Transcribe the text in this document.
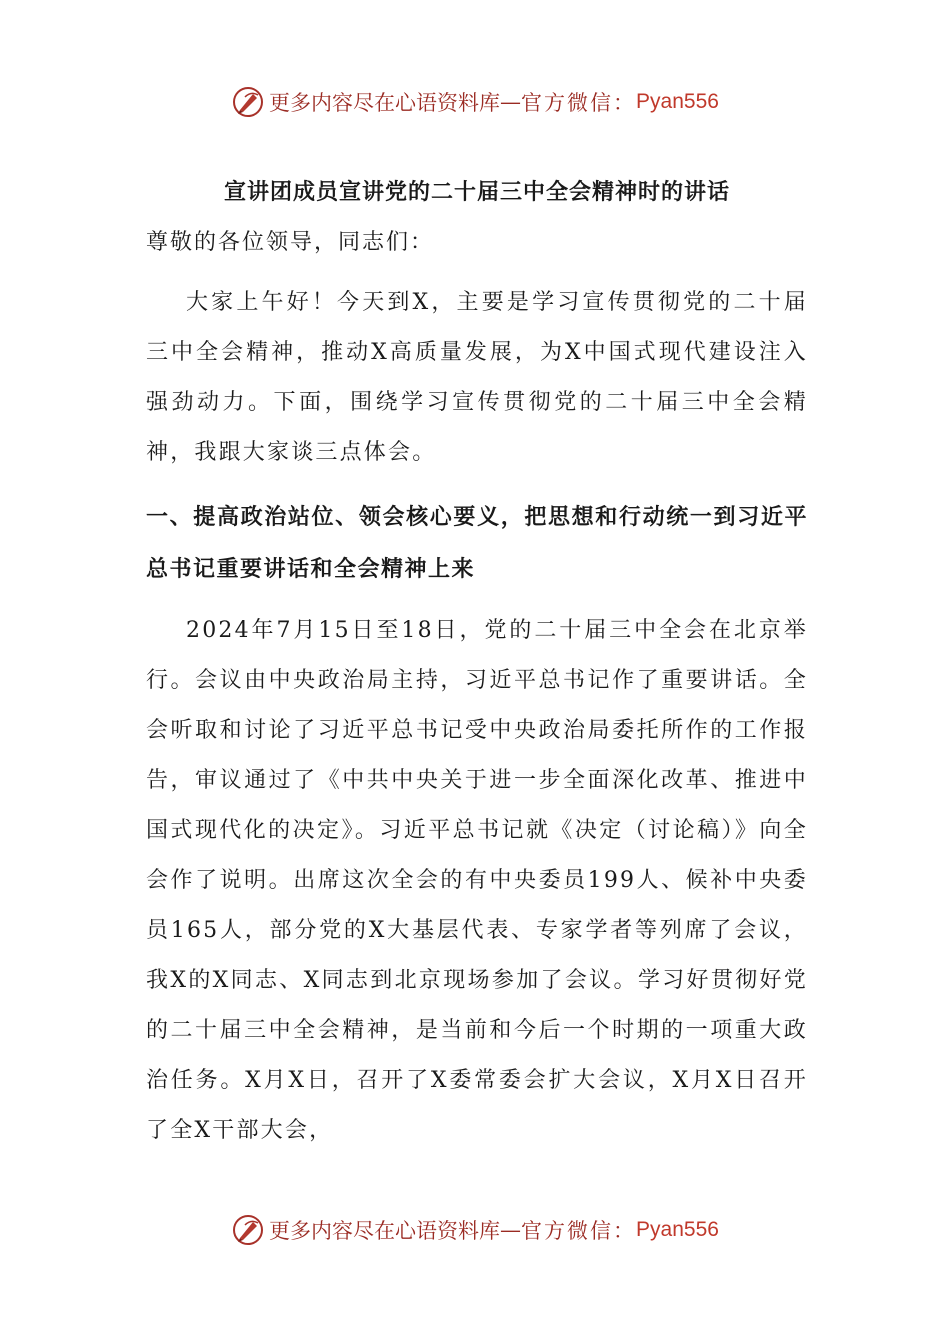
更多内容尽在心语资料库 — 官方微信： Pyan556

宣讲团成员宣讲党的二十届三中全会精神时的讲话

尊敬的各位领导，同志们：

大家上午好！今天到X，主要是学习宣传贯彻党的二十届三中全会精神，推动X高质量发展，为X中国式现代建设注入强劲动力。下面，围绕学习宣传贯彻党的二十届三中全会精神，我跟大家谈三点体会。

一、提高政治站位、领会核心要义，把思想和行动统一到习近平总书记重要讲话和全会精神上来

2024年7月15日至18日，党的二十届三中全会在北京举行。会议由中央政治局主持，习近平总书记作了重要讲话。全会听取和讨论了习近平总书记受中央政治局委托所作的工作报告，审议通过了《中共中央关于进一步全面深化改革、推进中国式现代化的决定》。习近平总书记就《决定（讨论稿）》向全会作了说明。出席这次全会的有中央委员199人、候补中央委员165人，部分党的X大基层代表、专家学者等列席了会议，我X的X同志、X同志到北京现场参加了会议。学习好贯彻好党的二十届三中全会精神，是当前和今后一个时期的一项重大政治任务。X月X日，召开了X委常委会扩大会议，X月X日召开了全X干部大会，

更多内容尽在心语资料库 — 官方微信： Pyan556
